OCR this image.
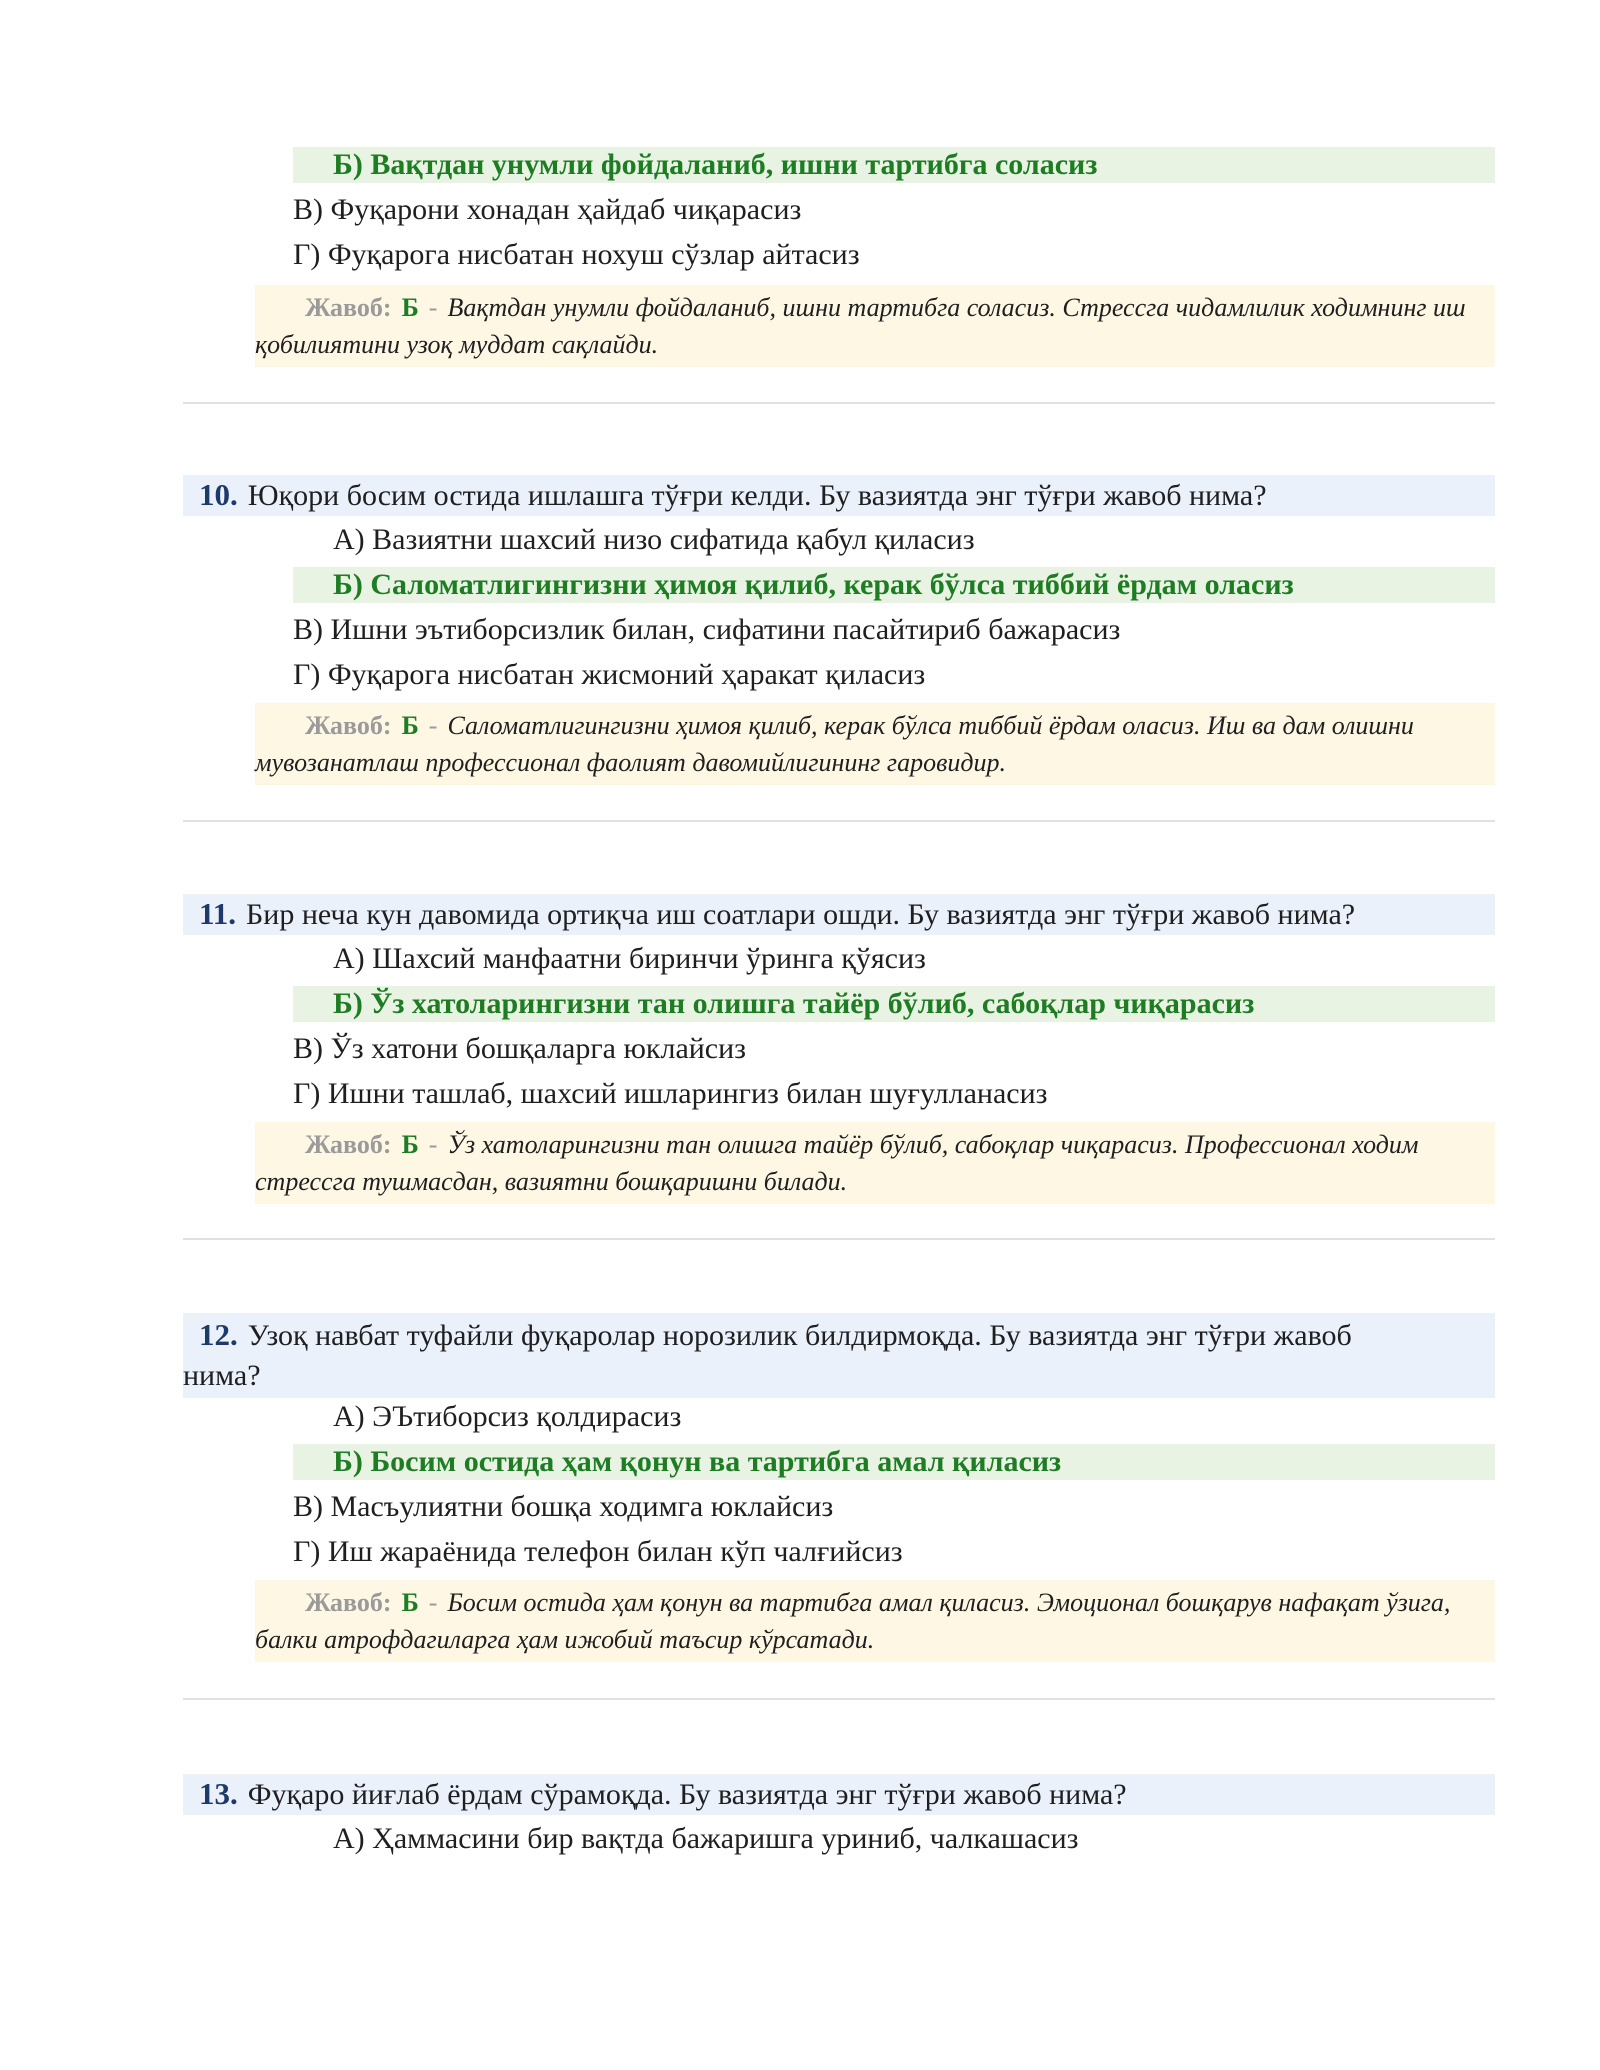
Б) Вақтдан унумли фойдаланиб, ишни тартибга соласиз
В) Фуқарони хонадан ҳайдаб чиқарасиз
Г) Фуқарога нисбатан нохуш сўзлар айтасиз
Жавоб: Б - Вақтдан унумли фойдаланиб, ишни тартибга соласиз. Стрессга чидамлилик ходимнинг иш қобилиятини узоқ муддат сақлайди.
10. Юқори босим остида ишлашга тўғри келди. Бу вазиятда энг тўғри жавоб нима?
А) Вазиятни шахсий низо сифатида қабул қиласиз
Б) Саломатлигингизни ҳимоя қилиб, керак бўлса тиббий ёрдам оласиз
В) Ишни эътиборсизлик билан, сифатини пасайтириб бажарасиз
Г) Фуқарога нисбатан жисмоний ҳаракат қиласиз
Жавоб: Б - Саломатлигингизни ҳимоя қилиб, керак бўлса тиббий ёрдам оласиз. Иш ва дам олишни мувозанатлаш профессионал фаолият давомийлигининг гаровидир.
11. Бир неча кун давомида ортиқча иш соатлари ошди. Бу вазиятда энг тўғри жавоб нима?
А) Шахсий манфаатни биринчи ўринга қўясиз
Б) Ўз хатоларингизни тан олишга тайёр бўлиб, сабоқлар чиқарасиз
В) Ўз хатони бошқаларга юклайсиз
Г) Ишни ташлаб, шахсий ишларингиз билан шуғулланасиз
Жавоб: Б - Ўз хатоларингизни тан олишга тайёр бўлиб, сабоқлар чиқарасиз. Профессионал ходим стрессга тушмасдан, вазиятни бошқаришни билади.
12. Узоқ навбат туфайли фуқаролар норозилик билдирмоқда. Бу вазиятда энг тўғри жавоб
нима?
А) ЭЪтиборсиз қолдирасиз
Б) Босим остида ҳам қонун ва тартибга амал қиласиз
В) Масъулиятни бошқа ходимга юклайсиз
Г) Иш жараёнида телефон билан кўп чалғийсиз
Жавоб: Б - Босим остида ҳам қонун ва тартибга амал қиласиз. Эмоционал бошқарув нафақат ўзига, балки атрофдагиларга ҳам ижобий таъсир кўрсатади.
13. Фуқаро йиғлаб ёрдам сўрамоқда. Бу вазиятда энг тўғри жавоб нима?
А) Ҳаммасини бир вақтда бажаришга уриниб, чалкашасиз
